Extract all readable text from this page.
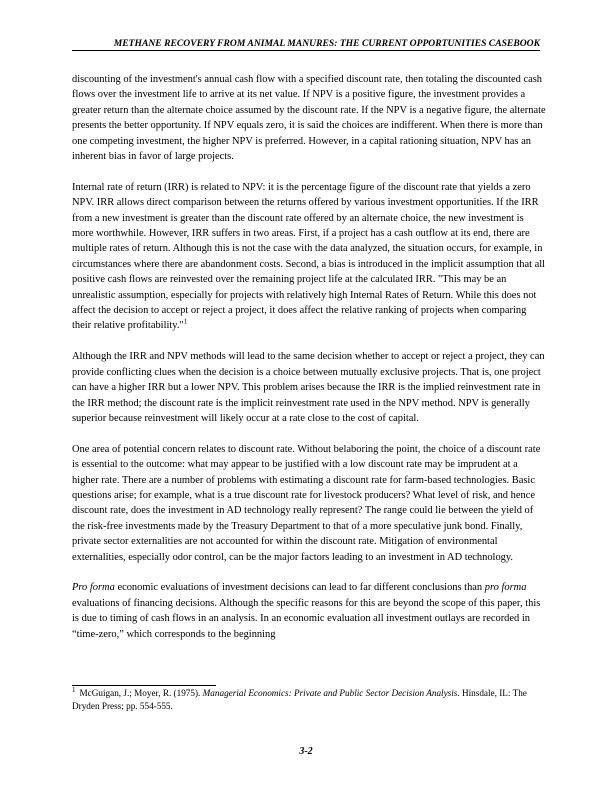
METHANE RECOVERY FROM ANIMAL MANURES: THE CURRENT OPPORTUNITIES CASEBOOK

discounting of the investment's annual cash flow with a specified discount rate, then totaling the discounted cash flows over the investment life to arrive at its net value. If NPV is a positive figure, the investment provides a greater return than the alternate choice assumed by the discount rate. If the NPV is a negative figure, the alternate presents the better opportunity. If NPV equals zero, it is said the choices are indifferent. When there is more than one competing investment, the higher NPV is preferred. However, in a capital rationing situation, NPV has an inherent bias in favor of large projects.

Internal rate of return (IRR) is related to NPV: it is the percentage figure of the discount rate that yields a zero NPV. IRR allows direct comparison between the returns offered by various investment opportunities. If the IRR from a new investment is greater than the discount rate offered by an alternate choice, the new investment is more worthwhile. However, IRR suffers in two areas. First, if a project has a cash outflow at its end, there are multiple rates of return. Although this is not the case with the data analyzed, the situation occurs, for example, in circumstances where there are abandonment costs. Second, a bias is introduced in the implicit assumption that all positive cash flows are reinvested over the remaining project life at the calculated IRR. "This may be an unrealistic assumption, especially for projects with relatively high Internal Rates of Return. While this does not affect the decision to accept or reject a project, it does affect the relative ranking of projects when comparing their relative profitability."$^1$

Although the IRR and NPV methods will lead to the same decision whether to accept or reject a project, they can provide conflicting clues when the decision is a choice between mutually exclusive projects. That is, one project can have a higher IRR but a lower NPV. This problem arises because the IRR is the implied reinvestment rate in the IRR method; the discount rate is the implicit reinvestment rate used in the NPV method. NPV is generally superior because reinvestment will likely occur at a rate close to the cost of capital.

One area of potential concern relates to discount rate. Without belaboring the point, the choice of a discount rate is essential to the outcome: what may appear to be justified with a low discount rate may be imprudent at a higher rate. There are a number of problems with estimating a discount rate for farm-based technologies. Basic questions arise; for example, what is a true discount rate for livestock producers? What level of risk, and hence discount rate, does the investment in AD technology really represent? The range could lie between the yield of the risk-free investments made by the Treasury Department to that of a more speculative junk bond. Finally, private sector externalities are not accounted for within the discount rate. Mitigation of environmental externalities, especially odor control, can be the major factors leading to an investment in AD technology.

Pro forma economic evaluations of investment decisions can lead to far different conclusions than pro forma evaluations of financing decisions. Although the specific reasons for this are beyond the scope of this paper, this is due to timing of cash flows in an analysis. In an economic evaluation all investment outlays are recorded in “time-zero,” which corresponds to the beginning

$^1$ McGuigan, J.; Moyer, R. (1975). Managerial Economics: Private and Public Sector Decision Analysis. Hinsdale, IL: The Dryden Press; pp. 554-555.
3-2
